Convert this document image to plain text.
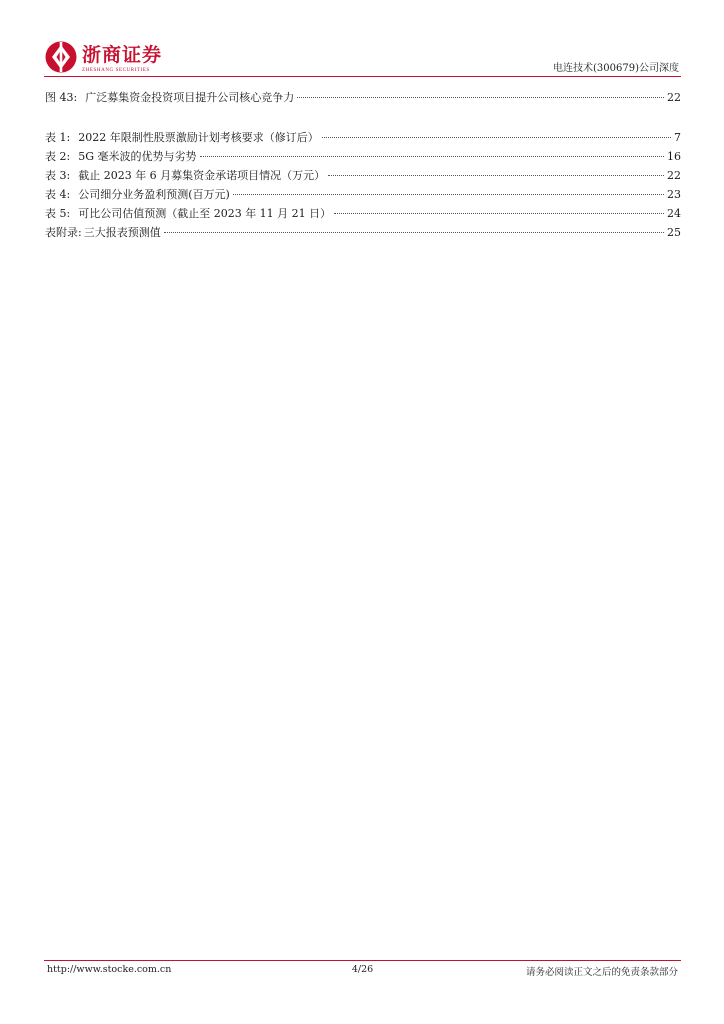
浙商证券
ZHESHANG SECURITIES	电连技术(300679)公司深度
图 43: 广泛募集资金投资项目提升公司核心竞争力	22
表 1: 2022 年限制性股票激励计划考核要求（修订后）	7
表 2: 5G 毫米波的优势与劣势	16
表 3: 截止 2023 年 6 月募集资金承诺项目情况（万元）	22
表 4: 公司细分业务盈利预测(百万元)	23
表 5: 可比公司估值预测（截止至 2023 年 11 月 21 日）	24
表附录: 三大报表预测值	25
http://www.stocke.com.cn	4/26	请务必阅读正文之后的免责条款部分
